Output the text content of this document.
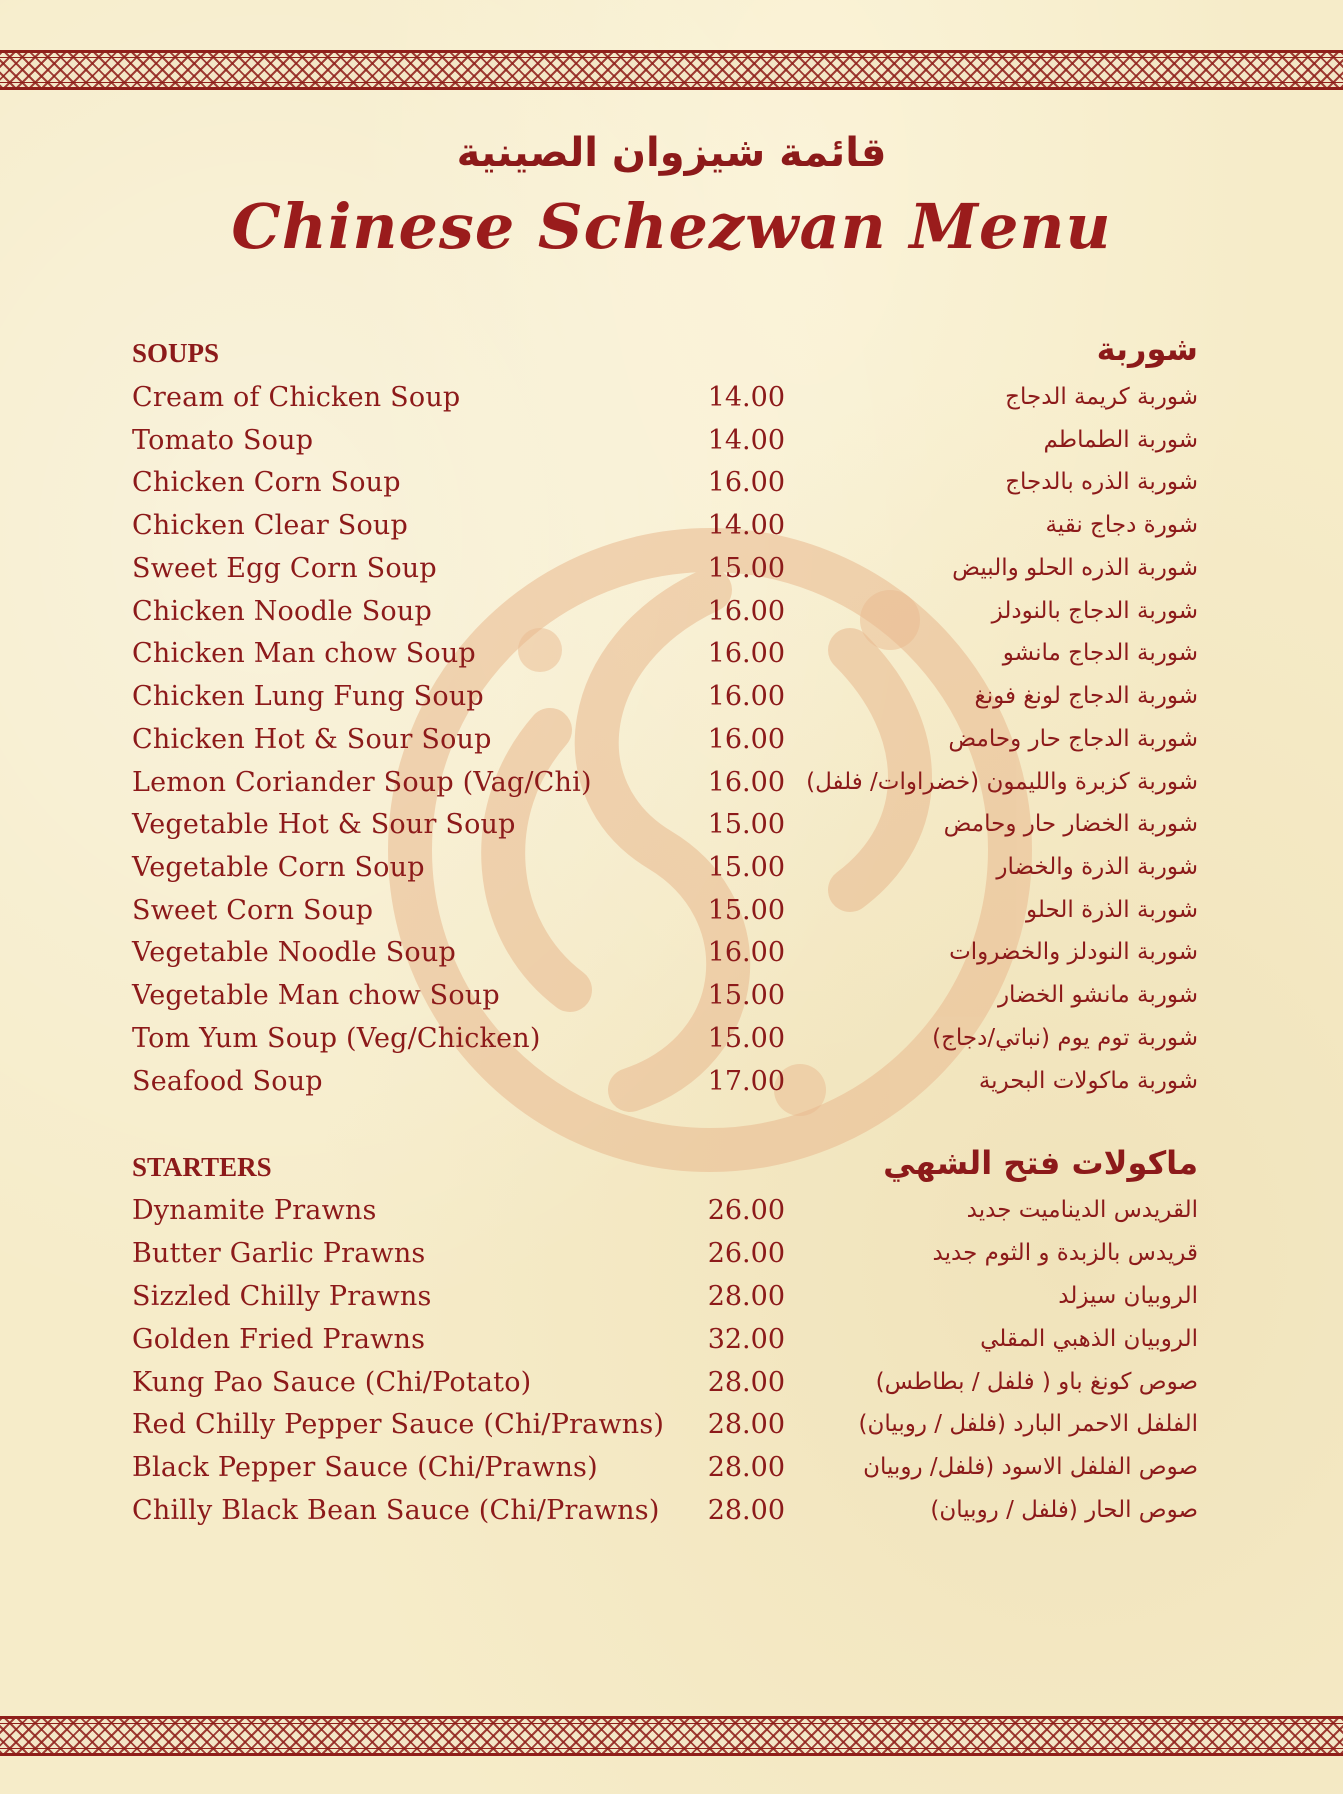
قائمة شيزوان الصينية
Chinese Schezwan Menu
SOUPS	شوربة
Cream of Chicken Soup	14.00	شوربة كريمة الدجاج
Tomato Soup	14.00	شوربة الطماطم
Chicken Corn Soup	16.00	شوربة الذره بالدجاج
Chicken Clear Soup	14.00	شورة دجاج نقية
Sweet Egg Corn Soup	15.00	شوربة الذره الحلو والبيض
Chicken Noodle Soup	16.00	شوربة الدجاج بالنودلز
Chicken Man chow Soup	16.00	شوربة الدجاج مانشو
Chicken Lung Fung Soup	16.00	شوربة الدجاج لونغ فونغ
Chicken Hot & Sour Soup	16.00	شوربة الدجاج حار وحامض
Lemon Coriander Soup (Vag/Chi)	16.00 شوربة كزبرة والليمون (خضراوات/ فلفل)
Vegetable Hot & Sour Soup	15.00	شوربة الخضار حار وحامض
Vegetable Corn Soup	15.00	شوربة الذرة والخضار
Sweet Corn Soup	15.00	شوربة الذرة الحلو
Vegetable Noodle Soup	16.00	شوربة النودلز والخضروات
Vegetable Man chow Soup	15.00	شوربة مانشو الخضار
Tom Yum Soup (Veg/Chicken)	15.00	شوربة توم يوم (نباتي/دجاج)
Seafood Soup	17.00	شوربة ماكولات البحرية
STARTERS	ماكولات فتح الشهي
Dynamite Prawns	26.00	القريدس الديناميت جديد
Butter Garlic Prawns	26.00	قريدس بالزبدة و الثوم جديد
Sizzled Chilly Prawns	28.00	الروبيان سيزلد
Golden Fried Prawns	32.00	الروبيان الذهبي المقلي
Kung Pao Sauce (Chi/Potato)	28.00	صوص كونغ باو ( فلفل / بطاطس)
Red Chilly Pepper Sauce (Chi/Prawns)	28.00	الفلفل الاحمر البارد (فلفل / روبيان)
Black Pepper Sauce (Chi/Prawns)	28.00	صوص الفلفل الاسود (فلفل/ روبيان
Chilly Black Bean Sauce (Chi/Prawns)	28.00	صوص الحار (فلفل / روبيان)
